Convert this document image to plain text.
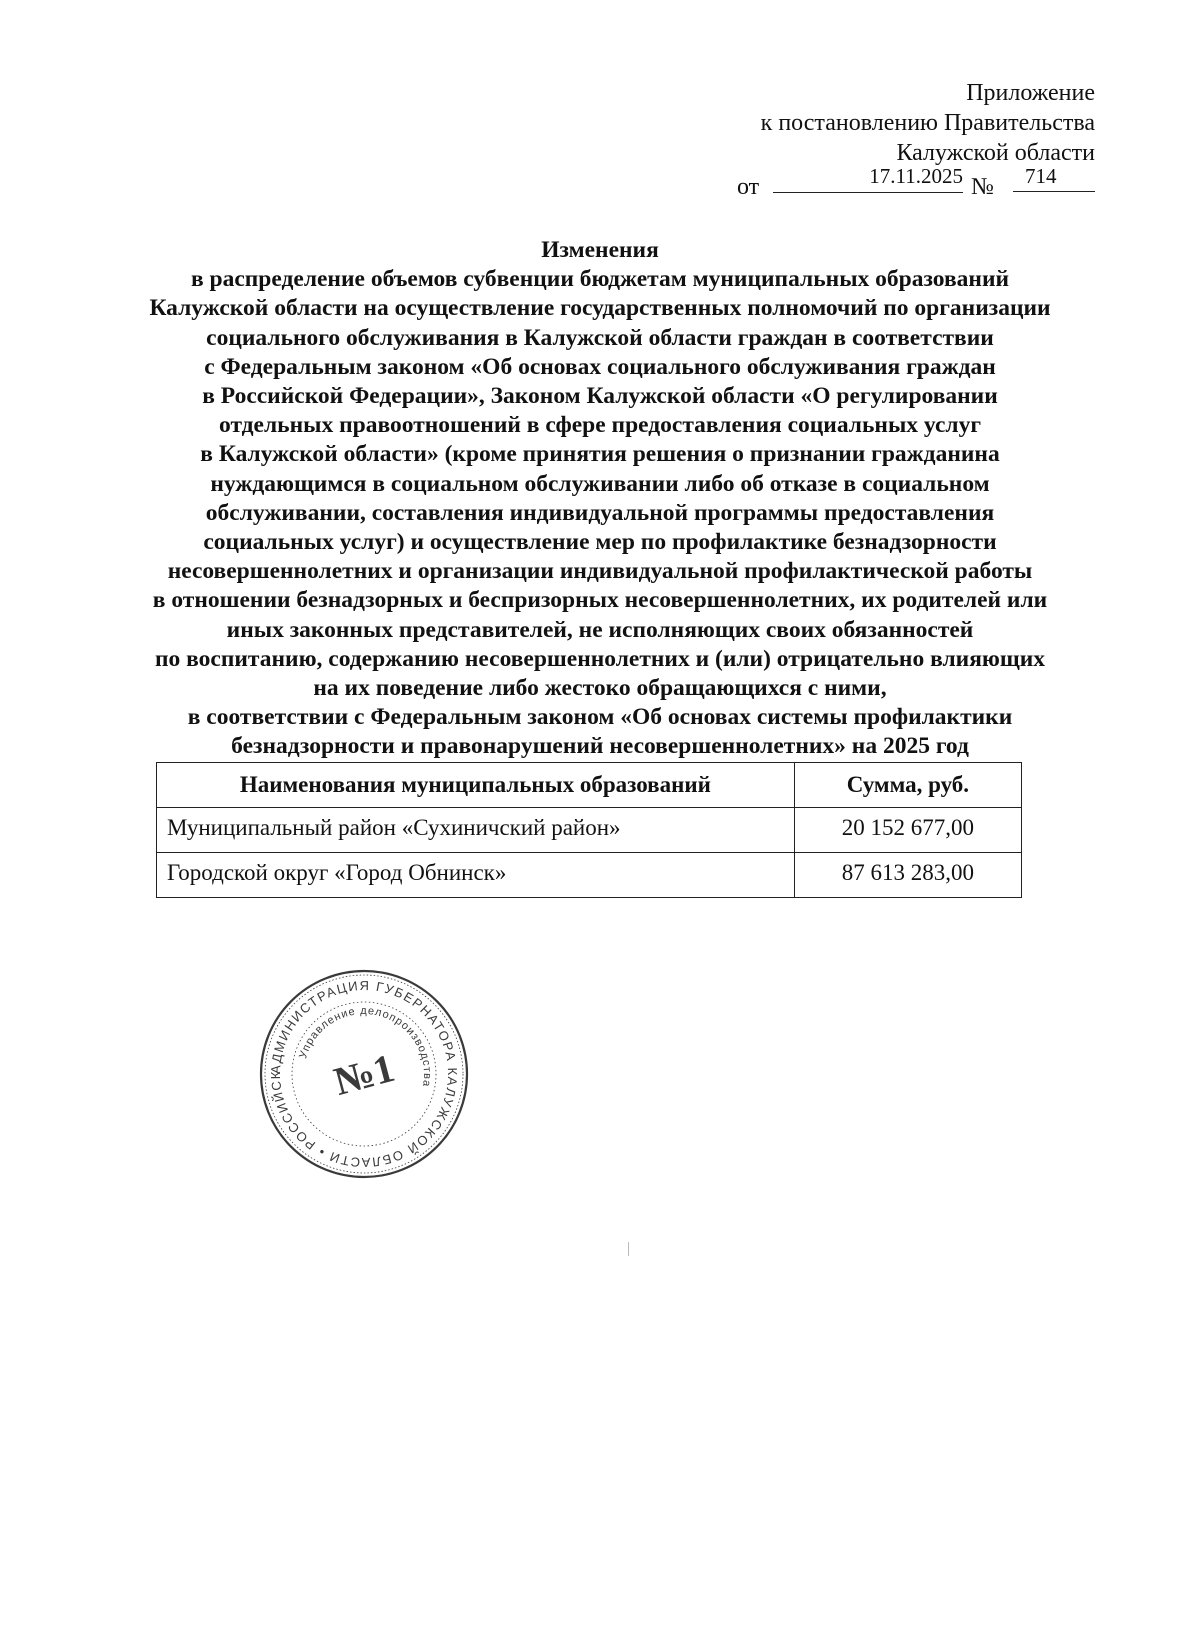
Приложение
к постановлению Правительства
Калужской области
от	17.11.2025 №	714
Изменения
в распределение объемов субвенции бюджетам муниципальных образований
Калужской области на осуществление государственных полномочий по организации
социального обслуживания в Калужской области граждан в соответствии
с Федеральным законом «Об основах социального обслуживания граждан
в Российской Федерации», Законом Калужской области «О регулировании
отдельных правоотношений в сфере предоставления социальных услуг
в Калужской области» (кроме принятия решения о признании гражданина
нуждающимся в социальном обслуживании либо об отказе в социальном
обслуживании, составления индивидуальной программы предоставления
социальных услуг) и осуществление мер по профилактике безнадзорности
несовершеннолетних и организации индивидуальной профилактической работы
в отношении безнадзорных и беспризорных несовершеннолетних, их родителей или
иных законных представителей, не исполняющих своих обязанностей
по воспитанию, содержанию несовершеннолетних и (или) отрицательно влияющих
на их поведение либо жестоко обращающихся с ними,
в соответствии с Федеральным законом «Об основах системы профилактики
безнадзорности и правонарушений несовершеннолетних» на 2025 год
Наименования муниципальных образований	Сумма, руб.
Муниципальный район «Сухиничский район»	20 152 677,00
Городской округ «Город Обнинск»	87 613 283,00
АДМИНИСТРАЦИЯ ГУБЕРНАТОРА КАЛУЖСКОЙ ОБЛАСТИ • РОССИЙСК
Управление делопроизводства
№1
